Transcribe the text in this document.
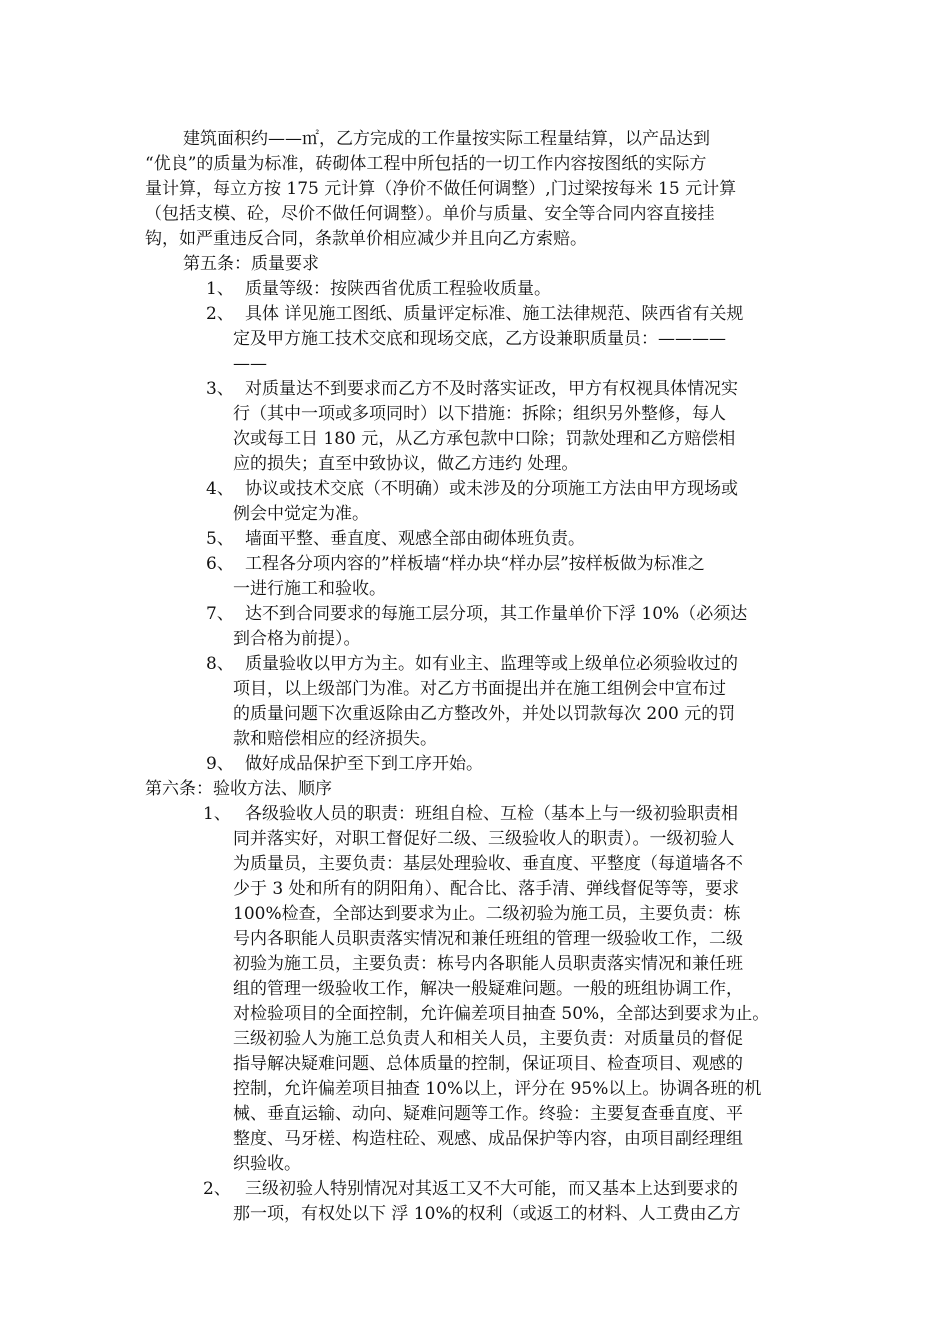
建筑面积约——㎡，乙方完成的工作量按实际工程量结算，以产品达到
“优良”的质量为标准，砖砌体工程中所包括的一切工作内容按图纸的实际方
量计算，每立方按 175 元计算（净价不做任何调整）,门过梁按每米 15 元计算
（包括支模、砼，尽价不做任何调整）。单价与质量、安全等合同内容直接挂
钩，如严重违反合同，条款单价相应减少并且向乙方索赔。
第五条：质量要求
1、 质量等级：按陕西省优质工程验收质量。
2、 具体 详见施工图纸、质量评定标准、施工法律规范、陕西省有关规
定及甲方施工技术交底和现场交底，乙方设兼职质量员：————
——
3、 对质量达不到要求而乙方不及时落实证改，甲方有权视具体情况实
行（其中一项或多项同时）以下措施：拆除；组织另外整修，每人
次或每工日 180 元，从乙方承包款中口除；罚款处理和乙方赔偿相
应的损失；直至中致协议，做乙方违约 处理。
4、 协议或技术交底（不明确）或未涉及的分项施工方法由甲方现场或
例会中觉定为准。
5、 墙面平整、垂直度、观感全部由砌体班负责。
6、 工程各分项内容的”样板墙“样办块“样办层”按样板做为标准之
一进行施工和验收。
7、 达不到合同要求的每施工层分项，其工作量单价下浮 10%（必须达
到合格为前提）。
8、 质量验收以甲方为主。如有业主、监理等或上级单位必须验收过的
项目，以上级部门为准。对乙方书面提出并在施工组例会中宣布过
的质量问题下次重返除由乙方整改外，并处以罚款每次 200 元的罚
款和赔偿相应的经济损失。
9、 做好成品保护至下到工序开始。
第六条：验收方法、顺序
1、 各级验收人员的职责：班组自检、互检（基本上与一级初验职责相
同并落实好，对职工督促好二级、三级验收人的职责）。一级初验人
为质量员，主要负责：基层处理验收、垂直度、平整度（每道墙各不
少于 3 处和所有的阴阳角）、配合比、落手清、弹线督促等等，要求
100%检查，全部达到要求为止。二级初验为施工员，主要负责：栋
号内各职能人员职责落实情况和兼任班组的管理一级验收工作，二级
初验为施工员，主要负责：栋号内各职能人员职责落实情况和兼任班
组的管理一级验收工作，解决一般疑难问题。一般的班组协调工作，
对检验项目的全面控制，允许偏差项目抽查 50%，全部达到要求为止。
三级初验人为施工总负责人和相关人员，主要负责：对质量员的督促
指导解决疑难问题、总体质量的控制，保证项目、检查项目、观感的
控制，允许偏差项目抽查 10%以上，评分在 95%以上。协调各班的机
械、垂直运输、动向、疑难问题等工作。终验：主要复查垂直度、平
整度、马牙槎、构造柱砼、观感、成品保护等内容，由项目副经理组
织验收。
2、 三级初验人特别情况对其返工又不大可能，而又基本上达到要求的
那一项，有权处以下 浮 10%的权利（或返工的材料、人工费由乙方
